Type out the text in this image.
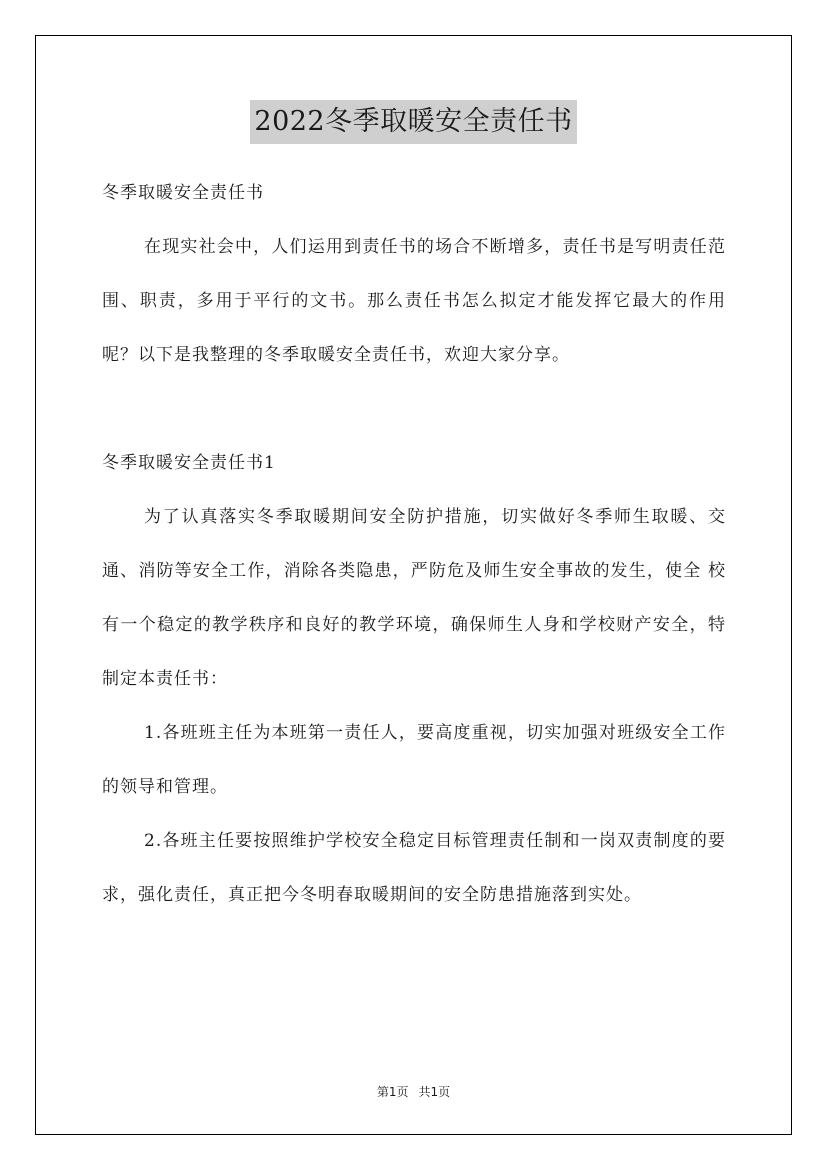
2022冬季取暖安全责任书

冬季取暖安全责任书

在现实社会中，人们运用到责任书的场合不断增多，责任书是写明责任范围、职责，多用于平行的文书。那么责任书怎么拟定才能发挥它最大的作用呢？以下是我整理的冬季取暖安全责任书，欢迎大家分享。

冬季取暖安全责任书1

为了认真落实冬季取暖期间安全防护措施，切实做好冬季师生取暖、交通、消防等安全工作，消除各类隐患，严防危及师生安全事故的发生，使全 校有一个稳定的教学秩序和良好的教学环境，确保师生人身和学校财产安全，特制定本责任书：

1.各班班主任为本班第一责任人，要高度重视，切实加强对班级安全工作的领导和管理。

2.各班主任要按照维护学校安全稳定目标管理责任制和一岗双责制度的要求，强化责任，真正把今冬明春取暖期间的安全防患措施落到实处。

第1页 共1页
